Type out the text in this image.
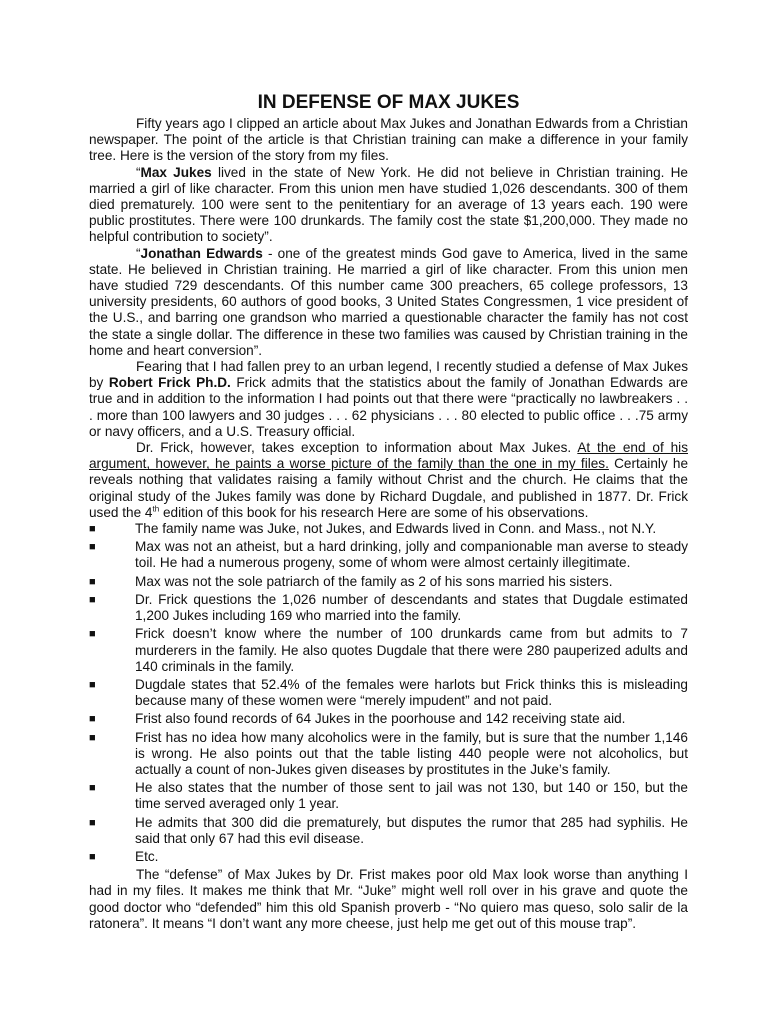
IN DEFENSE OF MAX JUKES

Fifty years ago I clipped an article about Max Jukes and Jonathan Edwards from a Christian newspaper. The point of the article is that Christian training can make a difference in your family tree. Here is the version of the story from my files.

“Max Jukes lived in the state of New York. He did not believe in Christian training. He married a girl of like character. From this union men have studied 1,026 descendants. 300 of them died prematurely. 100 were sent to the penitentiary for an average of 13 years each. 190 were public prostitutes. There were 100 drunkards. The family cost the state $1,200,000. They made no helpful contribution to society”.

“Jonathan Edwards - one of the greatest minds God gave to America, lived in the same state. He believed in Christian training. He married a girl of like character. From this union men have studied 729 descendants. Of this number came 300 preachers, 65 college professors, 13 university presidents, 60 authors of good books, 3 United States Congressmen, 1 vice president of the U.S., and barring one grandson who married a questionable character the family has not cost the state a single dollar. The difference in these two families was caused by Christian training in the home and heart conversion”.

Fearing that I had fallen prey to an urban legend, I recently studied a defense of Max Jukes by Robert Frick Ph.D. Frick admits that the statistics about the family of Jonathan Edwards are true and in addition to the information I had points out that there were “practically no lawbreakers . . . more than 100 lawyers and 30 judges . . . 62 physicians . . . 80 elected to public office . . .75 army or navy officers, and a U.S. Treasury official.

Dr. Frick, however, takes exception to information about Max Jukes. At the end of his argument, however, he paints a worse picture of the family than the one in my files. Certainly he reveals nothing that validates raising a family without Christ and the church. He claims that the original study of the Jukes family was done by Richard Dugdale, and published in 1877. Dr. Frick used the 4th edition of this book for his research Here are some of his observations.

■	The family name was Juke, not Jukes, and Edwards lived in Conn. and Mass., not N.Y.
■	Max was not an atheist, but a hard drinking, jolly and companionable man averse to steady toil. He had a numerous progeny, some of whom were almost certainly illegitimate.
■	Max was not the sole patriarch of the family as 2 of his sons married his sisters.
■	Dr. Frick questions the 1,026 number of descendants and states that Dugdale estimated 1,200 Jukes including 169 who married into the family.
■	Frick doesn’t know where the number of 100 drunkards came from but admits to 7 murderers in the family. He also quotes Dugdale that there were 280 pauperized adults and 140 criminals in the family.
■	Dugdale states that 52.4% of the females were harlots but Frick thinks this is misleading because many of these women were “merely impudent” and not paid.
■	Frist also found records of 64 Jukes in the poorhouse and 142 receiving state aid.
■	Frist has no idea how many alcoholics were in the family, but is sure that the number 1,146 is wrong. He also points out that the table listing 440 people were not alcoholics, but actually a count of non-Jukes given diseases by prostitutes in the Juke’s family.
■	He also states that the number of those sent to jail was not 130, but 140 or 150, but the time served averaged only 1 year.
■	He admits that 300 did die prematurely, but disputes the rumor that 285 had syphilis. He said that only 67 had this evil disease.
■	Etc.

The “defense” of Max Jukes by Dr. Frist makes poor old Max look worse than anything I had in my files. It makes me think that Mr. “Juke” might well roll over in his grave and quote the good doctor who “defended” him this old Spanish proverb - “No quiero mas queso, solo salir de la ratonera”. It means “I don’t want any more cheese, just help me get out of this mouse trap”.
